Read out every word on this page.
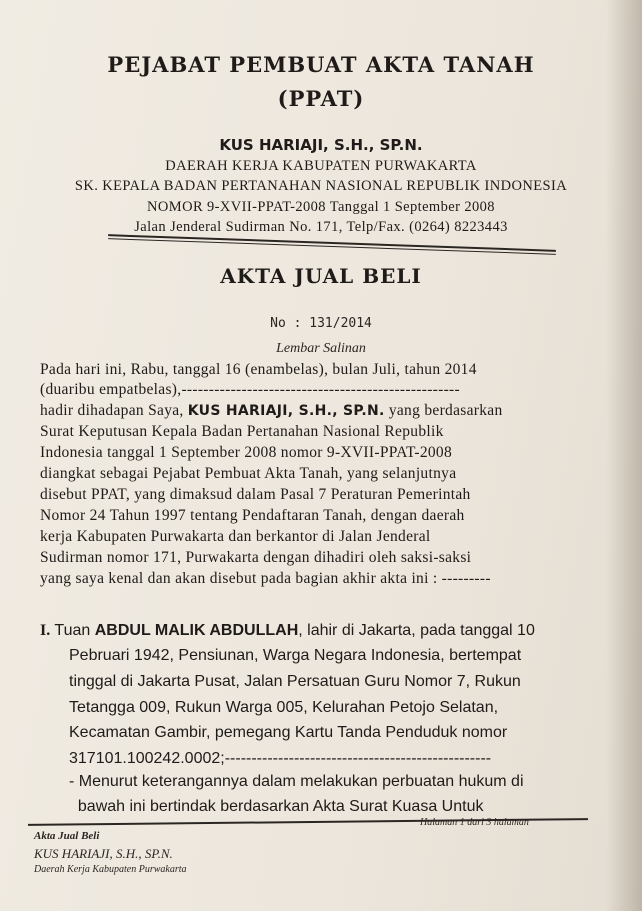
PEJABAT PEMBUAT AKTA TANAH
(PPAT)
KUS HARIAJI, S.H., SP.N.
DAERAH KERJA KABUPATEN PURWAKARTA
SK. KEPALA BADAN PERTANAHAN NASIONAL REPUBLIK INDONESIA
NOMOR 9-XVII-PPAT-2008 Tanggal 1 September 2008
Jalan Jenderal Sudirman No. 171, Telp/Fax. (0264) 8223443
AKTA JUAL BELI
No : 131/2014
Lembar Salinan
Pada hari ini, Rabu, tanggal 16 (enambelas), bulan Juli, tahun 2014
(duaribu empatbelas),---------------------------------------------------
hadir dihadapan Saya, KUS HARIAJI, S.H., SP.N. yang berdasarkan
Surat Keputusan Kepala Badan Pertanahan Nasional Republik
Indonesia tanggal 1 September 2008 nomor 9-XVII-PPAT-2008
diangkat sebagai Pejabat Pembuat Akta Tanah, yang selanjutnya
disebut PPAT, yang dimaksud dalam Pasal 7 Peraturan Pemerintah
Nomor 24 Tahun 1997 tentang Pendaftaran Tanah, dengan daerah
kerja Kabupaten Purwakarta dan berkantor di Jalan Jenderal
Sudirman nomor 171, Purwakarta dengan dihadiri oleh saksi-saksi
yang saya kenal dan akan disebut pada bagian akhir akta ini : ---------
I. Tuan ABDUL MALIK ABDULLAH, lahir di Jakarta, pada tanggal 10
Pebruari 1942, Pensiunan, Warga Negara Indonesia, bertempat
tinggal di Jakarta Pusat, Jalan Persatuan Guru Nomor 7, Rukun
Tetangga 009, Rukun Warga 005, Kelurahan Petojo Selatan,
Kecamatan Gambir, pemegang Kartu Tanda Penduduk nomor
317101.100242.0002;--------------------------------------------------
- Menurut keterangannya dalam melakukan perbuatan hukum di
bawah ini bertindak berdasarkan Akta Surat Kuasa Untuk
Halaman 1 dari 3 halaman
Akta Jual Beli
KUS HARIAJI, S.H., SP.N.
Daerah Kerja Kabupaten Purwakarta
